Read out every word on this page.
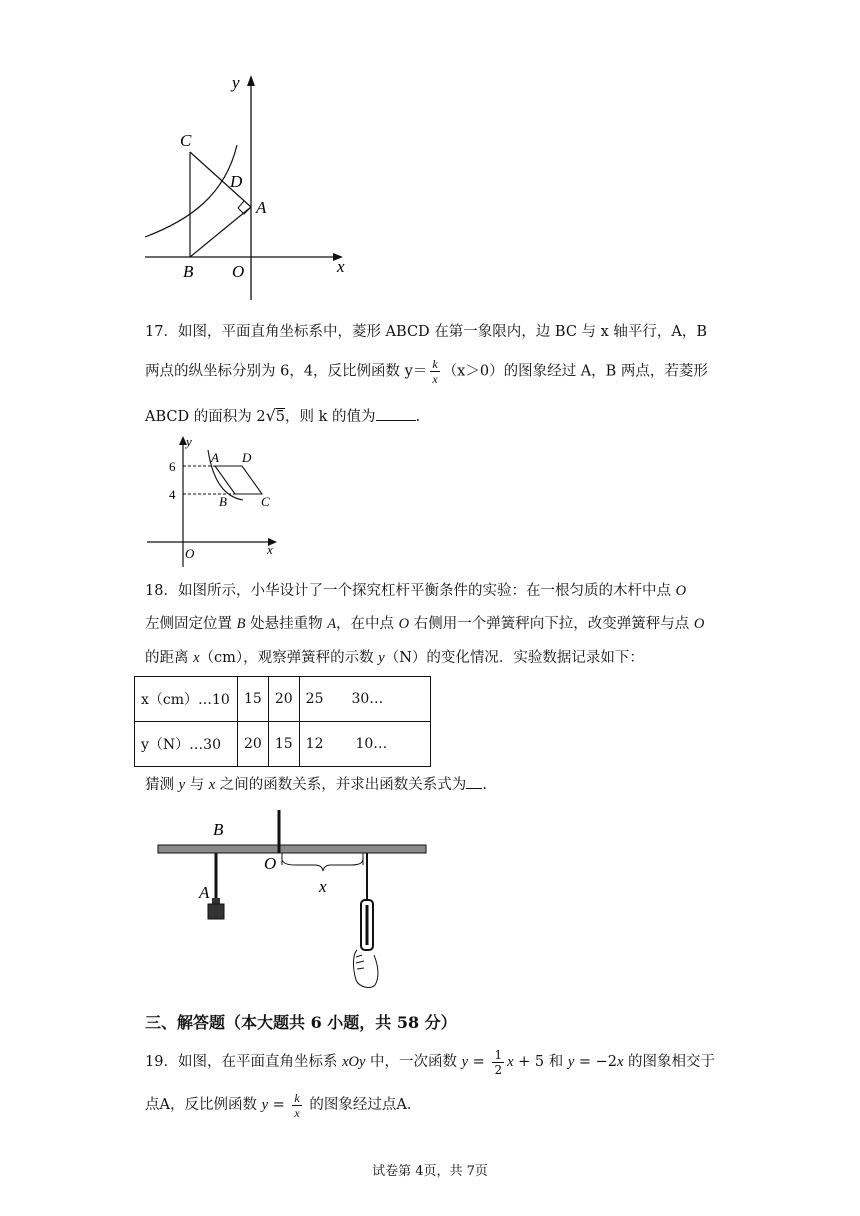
y
C
D
A
B O	x
17．如图，平面直角坐标系中，菱形 ABCD 在第一象限内，边 BC 与 x 轴平行，A，B
两点的纵坐标分别为 6，4，反比例函数 $y= \frac{k}{x} (x>0)$的图象经过 A，B 两点，若菱形
ABCD 的面积为 2√5，则 k 的值为	.
y
6
4
A D
B	C
O	x
18．如图所示，小华设计了一个探究杠杆平衡条件的实验：在一根匀质的木杆中点 O
左侧固定位置 B 处悬挂重物 A，在中点 O 右侧用一个弹簧秤向下拉，改变弹簧秤与点 O
的距离 x（cm），观察弹簧秤的示数 y（N）的变化情况．实验数据记录如下：
x（cm）…10	15	20	25 30…
y（N）…30	20	15	12 10…
猜测 y 与 x 之间的函数关系，并求出函数关系式为 .
B
O
A	x
三、解答题（本大题共 6 小题，共 58 分）
19．如图，在平面直角坐标系 xOy 中，一次函数 $y = \frac{1}{2}$ x + 5 和 y = −2x 的图象相交于
点A，反比例函数 $y = \frac{k}{x}$ 的图象经过点A．
试卷第 4页，共 7页
